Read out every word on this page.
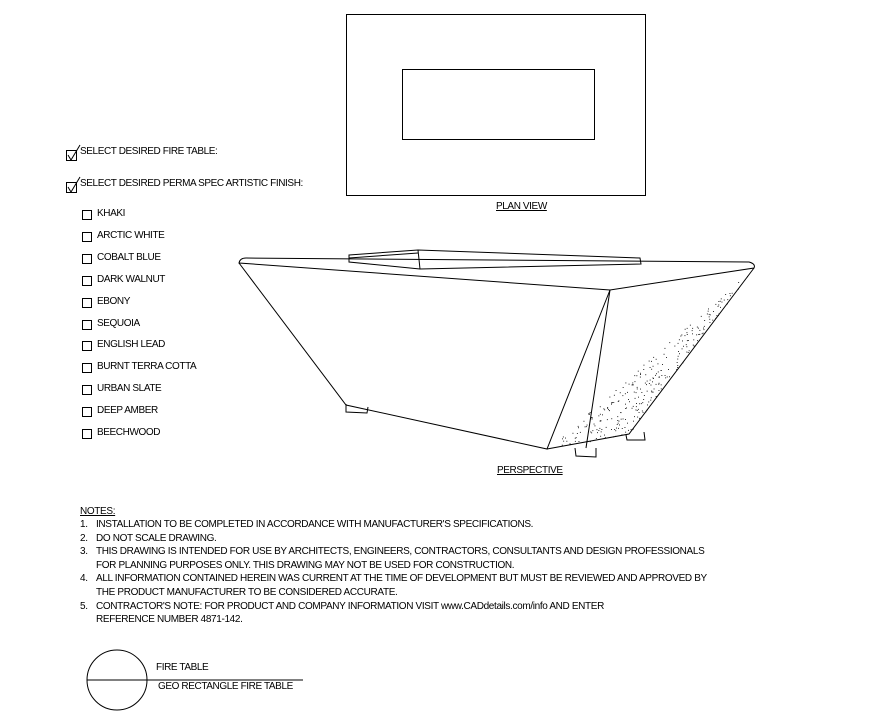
PLAN VIEW
PERSPECTIVE
SELECT DESIRED FIRE TABLE:
SELECT DESIRED PERMA SPEC ARTISTIC FINISH:
KHAKI
ARCTIC WHITE
COBALT BLUE
DARK WALNUT
EBONY
SEQUOIA
ENGLISH LEAD
BURNT TERRA COTTA
URBAN SLATE
DEEP AMBER
BEECHWOOD
NOTES:
1. INSTALLATION TO BE COMPLETED IN ACCORDANCE WITH MANUFACTURER'S SPECIFICATIONS.
2. DO NOT SCALE DRAWING.
3. THIS DRAWING IS INTENDED FOR USE BY ARCHITECTS, ENGINEERS, CONTRACTORS, CONSULTANTS AND DESIGN PROFESSIONALS
FOR PLANNING PURPOSES ONLY. THIS DRAWING MAY NOT BE USED FOR CONSTRUCTION.
4. ALL INFORMATION CONTAINED HEREIN WAS CURRENT AT THE TIME OF DEVELOPMENT BUT MUST BE REVIEWED AND APPROVED BY
THE PRODUCT MANUFACTURER TO BE CONSIDERED ACCURATE.
5. CONTRACTOR'S NOTE: FOR PRODUCT AND COMPANY INFORMATION VISIT www.CADdetails.com/info AND ENTER
REFERENCE NUMBER 4871-142.
FIRE TABLE
GEO RECTANGLE FIRE TABLE
